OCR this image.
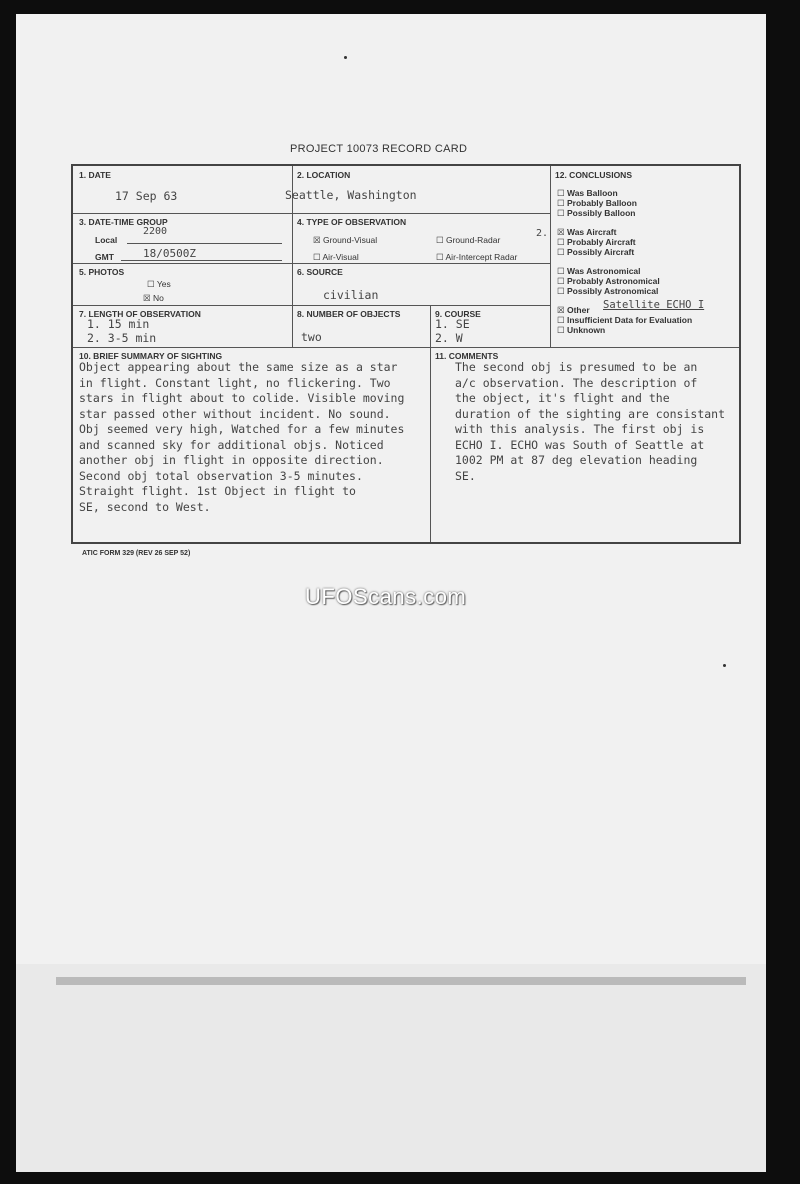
PROJECT 10073 RECORD CARD
1. DATE
17 Sep 63
2. LOCATION
Seattle, Washington
3. DATE-TIME GROUP
Local
2200
GMT	18/0500Z
4. TYPE OF OBSERVATION
☒ Ground-Visual	☐ Ground-Radar
2.
☐ Air-Visual	☐ Air-Intercept Radar
5. PHOTOS
☐ Yes
☒ No
6. SOURCE
civilian
7. LENGTH OF OBSERVATION
1. 15 min
2. 3-5 min
8. NUMBER OF OBJECTS
two
9. COURSE
1. SE
2. W
12. CONCLUSIONS
☐ Was Balloon
☐ Probably Balloon
☐ Possibly Balloon
☒ Was Aircraft
☐ Probably Aircraft
☐ Possibly Aircraft
☐ Was Astronomical
☐ Probably Astronomical
☐ Possibly Astronomical
☒ Other Satellite ECHO I
☐ Insufficient Data for Evaluation
☐ Unknown
10. BRIEF SUMMARY OF SIGHTING
Object appearing about the same size as a star
in flight. Constant light, no flickering. Two
stars in flight about to colide. Visible moving
star passed other without incident. No sound.
Obj seemed very high, Watched for a few minutes
and scanned sky for additional objs. Noticed
another obj in flight in opposite direction.
Second obj total observation 3-5 minutes.
Straight flight. 1st Object in flight to
SE, second to West.
11. COMMENTS
The second obj is presumed to be an
a/c observation. The description of
the object, it's flight and the
duration of the sighting are consistant
with this analysis. The first obj is
ECHO I. ECHO was South of Seattle at
1002 PM at 87 deg elevation heading
SE.
ATIC FORM 329 (REV 26 SEP 52)
UFOScans.com
